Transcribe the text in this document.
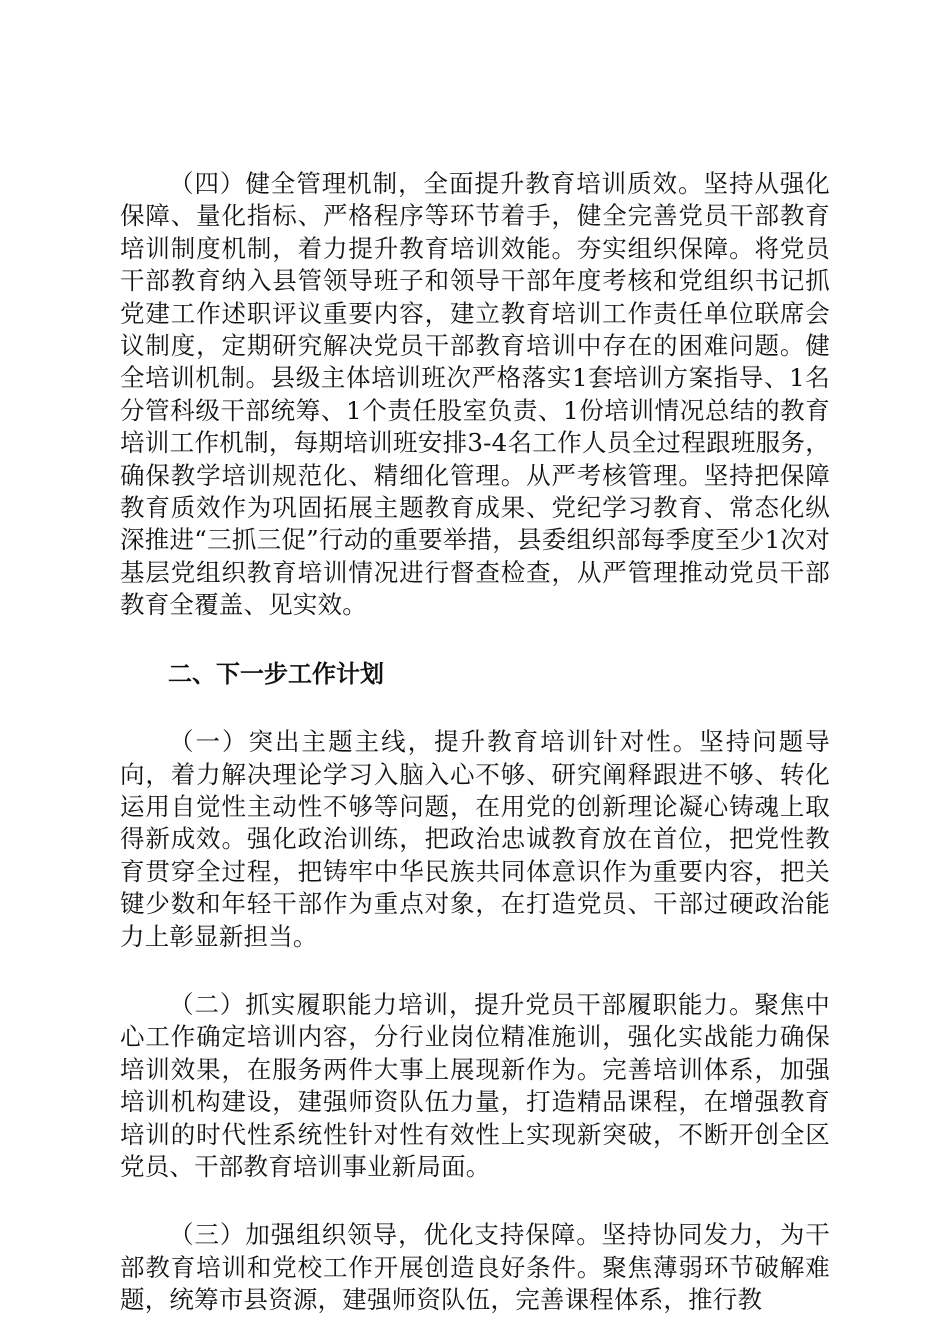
（四）健全管理机制，全面提升教育培训质效。坚持从强化保障、量化指标、严格程序等环节着手，健全完善党员干部教育培训制度机制，着力提升教育培训效能。夯实组织保障。将党员干部教育纳入县管领导班子和领导干部年度考核和党组织书记抓党建工作述职评议重要内容，建立教育培训工作责任单位联席会议制度，定期研究解决党员干部教育培训中存在的困难问题。健全培训机制。县级主体培训班次严格落实1套培训方案指导、1名分管科级干部统筹、1个责任股室负责、1份培训情况总结的教育培训工作机制，每期培训班安排3-4名工作人员全过程跟班服务，确保教学培训规范化、精细化管理。从严考核管理。坚持把保障教育质效作为巩固拓展主题教育成果、党纪学习教育、常态化纵深推进“三抓三促”行动的重要举措，县委组织部每季度至少1次对基层党组织教育培训情况进行督查检查，从严管理推动党员干部教育全覆盖、见实效。

二、下一步工作计划

（一）突出主题主线，提升教育培训针对性。坚持问题导向，着力解决理论学习入脑入心不够、研究阐释跟进不够、转化运用自觉性主动性不够等问题，在用党的创新理论凝心铸魂上取得新成效。强化政治训练，把政治忠诚教育放在首位，把党性教育贯穿全过程，把铸牢中华民族共同体意识作为重要内容，把关键少数和年轻干部作为重点对象，在打造党员、干部过硬政治能力上彰显新担当。

（二）抓实履职能力培训，提升党员干部履职能力。聚焦中心工作确定培训内容，分行业岗位精准施训，强化实战能力确保培训效果，在服务两件大事上展现新作为。完善培训体系，加强培训机构建设，建强师资队伍力量，打造精品课程，在增强教育培训的时代性系统性针对性有效性上实现新突破，不断开创全区党员、干部教育培训事业新局面。

（三）加强组织领导，优化支持保障。坚持协同发力，为干部教育培训和党校工作开展创造良好条件。聚焦薄弱环节破解难题，统筹市县资源，建强师资队伍，完善课程体系，推行教
